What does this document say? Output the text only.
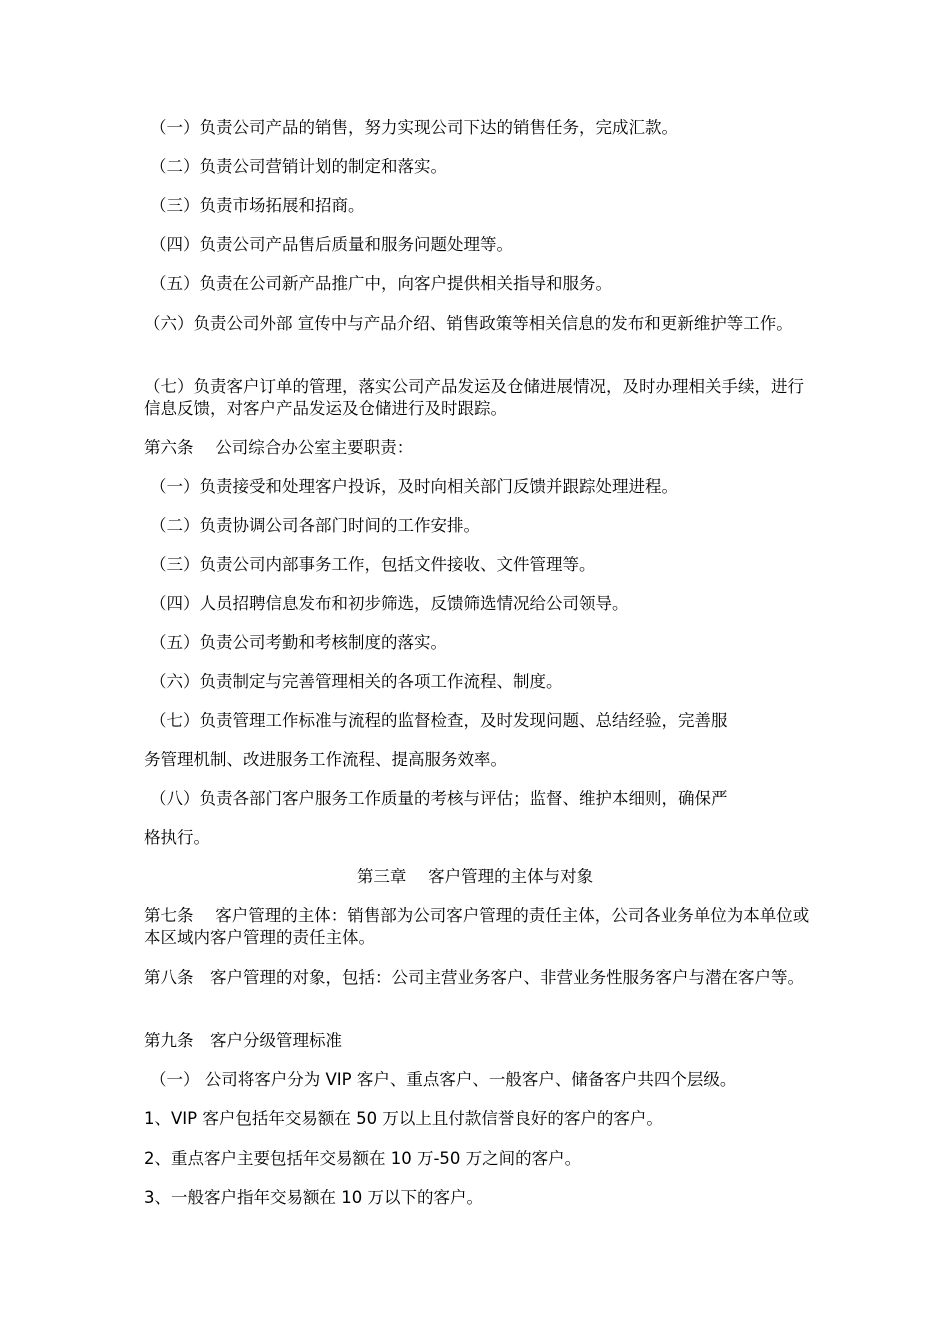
（一）负责公司产品的销售，努力实现公司下达的销售任务，完成汇款。

（二）负责公司营销计划的制定和落实。

（三）负责市场拓展和招商。

（四）负责公司产品售后质量和服务问题处理等。

（五）负责在公司新产品推广中，向客户提供相关指导和服务。

（六）负责公司外部 宣传中与产品介绍、销售政策等相关信息的发布和更新维护等工作。

（七）负责客户订单的管理，落实公司产品发运及仓储进展情况，及时办理相关手续，进行信息反馈，对客户产品发运及仓储进行及时跟踪。

第六条　 公司综合办公室主要职责：

（一）负责接受和处理客户投诉，及时向相关部门反馈并跟踪处理进程。

（二）负责协调公司各部门时间的工作安排。

（三）负责公司内部事务工作，包括文件接收、文件管理等。

（四）人员招聘信息发布和初步筛选，反馈筛选情况给公司领导。

（五）负责公司考勤和考核制度的落实。

（六）负责制定与完善管理相关的各项工作流程、制度。

（七）负责管理工作标准与流程的监督检查，及时发现问题、总结经验，完善服

务管理机制、改进服务工作流程、提高服务效率。

（八）负责各部门客户服务工作质量的考核与评估；监督、维护本细则，确保严

格执行。

第三章　 客户管理的主体与对象

第七条　 客户管理的主体：销售部为公司客户管理的责任主体，公司各业务单位为本单位或本区域内客户管理的责任主体。

第八条　客户管理的对象，包括：公司主营业务客户、非营业务性服务客户与潜在客户等。

第九条　客户分级管理标准

（一） 公司将客户分为 VIP 客户、重点客户、一般客户、储备客户共四个层级。

1、VIP 客户包括年交易额在 50 万以上且付款信誉良好的客户的客户。

2、重点客户主要包括年交易额在 10 万-50 万之间的客户。

3、一般客户指年交易额在 10 万以下的客户。
